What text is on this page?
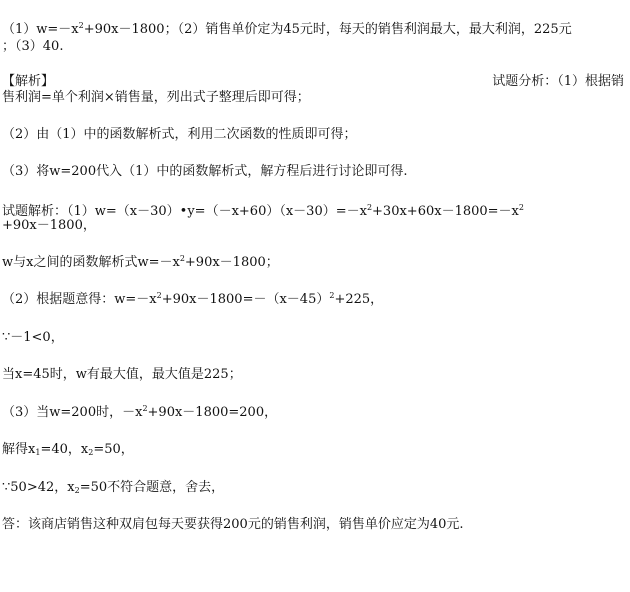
$(1)w=-x^2+90x-1800$；（2）销售单价定为45元时，每天的销售利润最大，最大利润，225元
；（3）40.
【解析】	试题分析：（1）根据销
售利润=单个利润×销售量，列出式子整理后即可得；
（2）由（1）中的函数解析式，利用二次函数的性质即可得；
（3）将w=200代入（1）中的函数解析式，解方程后进行讨论即可得.
试题解析：$(1)w=(x-30)•y=(-x+60)(x-30)=-x^2+30x+60x-1800=-x^2$
+90x－1800，
w与x之间的函数解析式$w=-x^2+90x-1800$；
（2）根据题意得：$w=-x^2+90x-1800=-(x-45)^2+225$，
∵－1<0，
当x=45时，w有最大值，最大值是225；
（3）当w=200时，$-x^2+90x-1800=200$，
解得$x_1=40$，$x_2=50$，
∵50>42，$x_2=50$不符合题意，舍去，
答：该商店销售这种双肩包每天要获得200元的销售利润，销售单价应定为40元.
